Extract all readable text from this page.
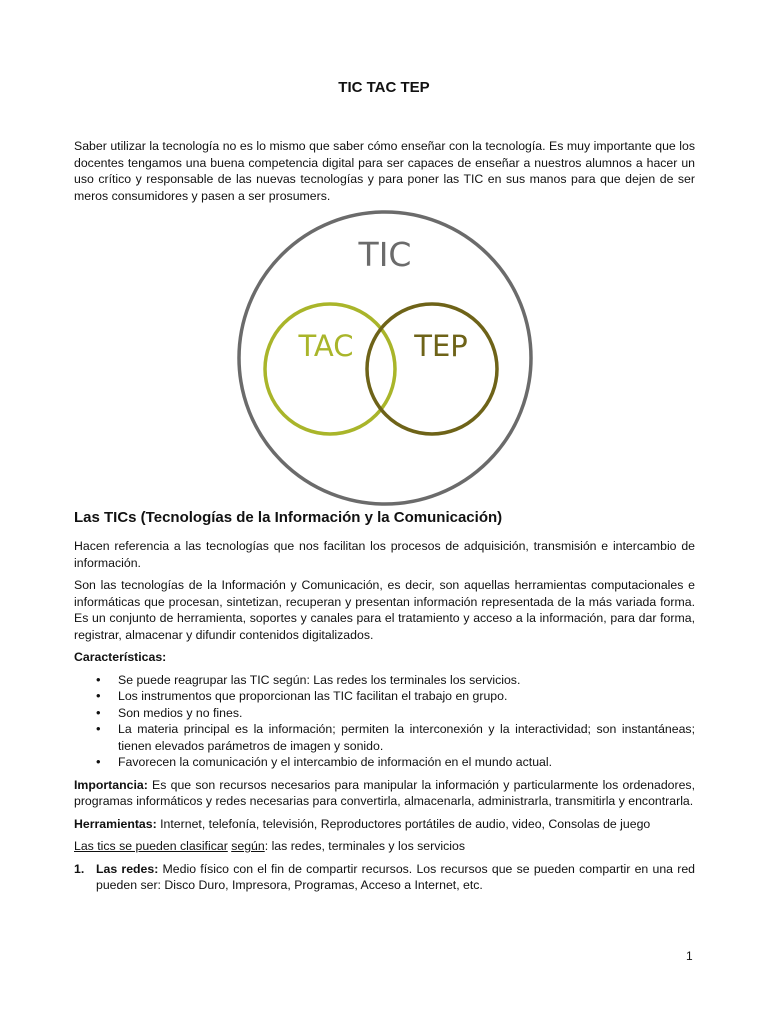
TIC TAC TEP

Saber utilizar la tecnología no es lo mismo que saber cómo enseñar con la tecnología. Es muy importante que los docentes tengamos una buena competencia digital para ser capaces de enseñar a nuestros alumnos a hacer un uso crítico y responsable de las nuevas tecnologías y para poner las TIC en sus manos para que dejen de ser meros consumidores y pasen a ser prosumers.

TIC
TAC TEP
Las TICs (Tecnologías de la Información y la Comunicación)

Hacen referencia a las tecnologías que nos facilitan los procesos de adquisición, transmisión e intercambio de información.

Son las tecnologías de la Información y Comunicación, es decir, son aquellas herramientas computacionales e informáticas que procesan, sintetizan, recuperan y presentan información representada de la más variada forma. Es un conjunto de herramienta, soportes y canales para el tratamiento y acceso a la información, para dar forma, registrar, almacenar y difundir contenidos digitalizados.

Características:

• Se puede reagrupar las TIC según: Las redes los terminales los servicios.
• Los instrumentos que proporcionan las TIC facilitan el trabajo en grupo.
• Son medios y no fines.
• La materia principal es la información; permiten la interconexión y la interactividad; son instantáneas; tienen elevados parámetros de imagen y sonido.
• Favorecen la comunicación y el intercambio de información en el mundo actual.

Importancia: Es que son recursos necesarios para manipular la información y particularmente los ordenadores, programas informáticos y redes necesarias para convertirla, almacenarla, administrarla, transmitirla y encontrarla.

Herramientas: Internet, telefonía, televisión, Reproductores portátiles de audio, video, Consolas de juego

Las tics se pueden clasificar según: las redes, terminales y los servicios

1. Las redes: Medio físico con el fin de compartir recursos. Los recursos que se pueden compartir en una red pueden ser: Disco Duro, Impresora, Programas, Acceso a Internet, etc.
1
